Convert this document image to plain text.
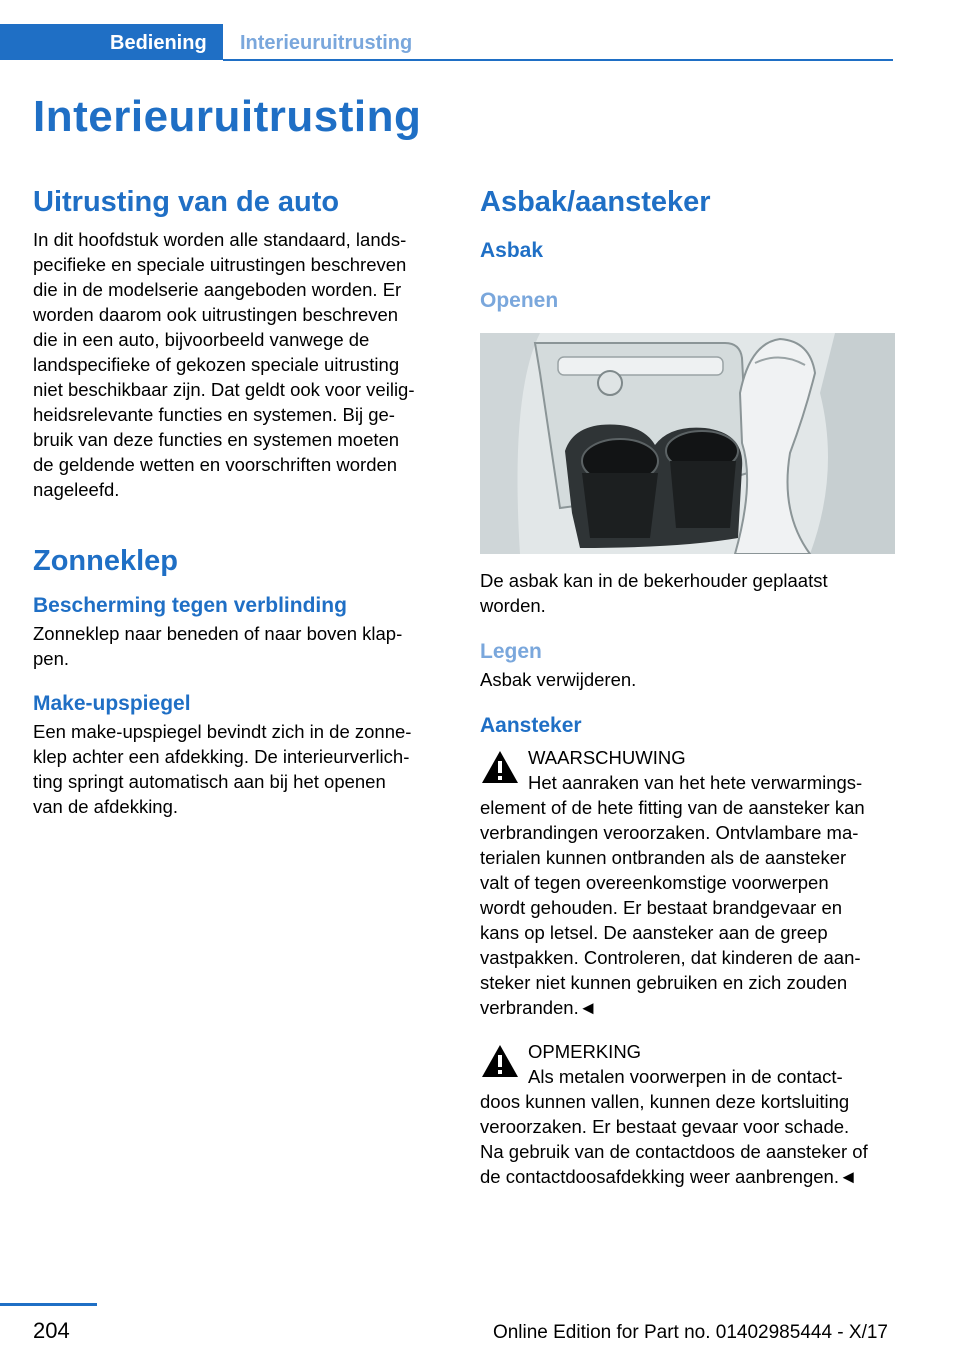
Bediening	Interieuruitrusting
Interieuruitrusting
Uitrusting van de auto

In dit hoofdstuk worden alle standaard, lands-

pecifieke en speciale uitrustingen beschreven

die in de modelserie aangeboden worden. Er

worden daarom ook uitrustingen beschreven

die in een auto, bijvoorbeeld vanwege de

landspecifieke of gekozen speciale uitrusting

niet beschikbaar zijn. Dat geldt ook voor veilig-

heidsrelevante functies en systemen. Bij ge-

bruik van deze functies en systemen moeten

de geldende wetten en voorschriften worden

nageleefd.

Zonneklep
Bescherming tegen verblinding

Zonneklep naar beneden of naar boven klap-

pen.

Make-upspiegel

Een make-upspiegel bevindt zich in de zonne-

klep achter een afdekking. De interieurverlich-

ting springt automatisch aan bij het openen

van de afdekking.

Asbak/aansteker
Asbak
Openen

De asbak kan in de bekerhouder geplaatst

worden.

Legen

Asbak verwijderen.

Aansteker

WAARSCHUWING

Het aanraken van het hete verwarmings-

element of de hete fitting van de aansteker kan

verbrandingen veroorzaken. Ontvlambare ma-

terialen kunnen ontbranden als de aansteker

valt of tegen overeenkomstige voorwerpen

wordt gehouden. Er bestaat brandgevaar en

kans op letsel. De aansteker aan de greep

vastpakken. Controleren, dat kinderen de aan-

steker niet kunnen gebruiken en zich zouden

verbranden.◄

OPMERKING

Als metalen voorwerpen in de contact-

doos kunnen vallen, kunnen deze kortsluiting

veroorzaken. Er bestaat gevaar voor schade.

Na gebruik van de contactdoos de aansteker of

de contactdoosafdekking weer aanbrengen.◄

204	Online Edition for Part no. 01402985444 - X/17
